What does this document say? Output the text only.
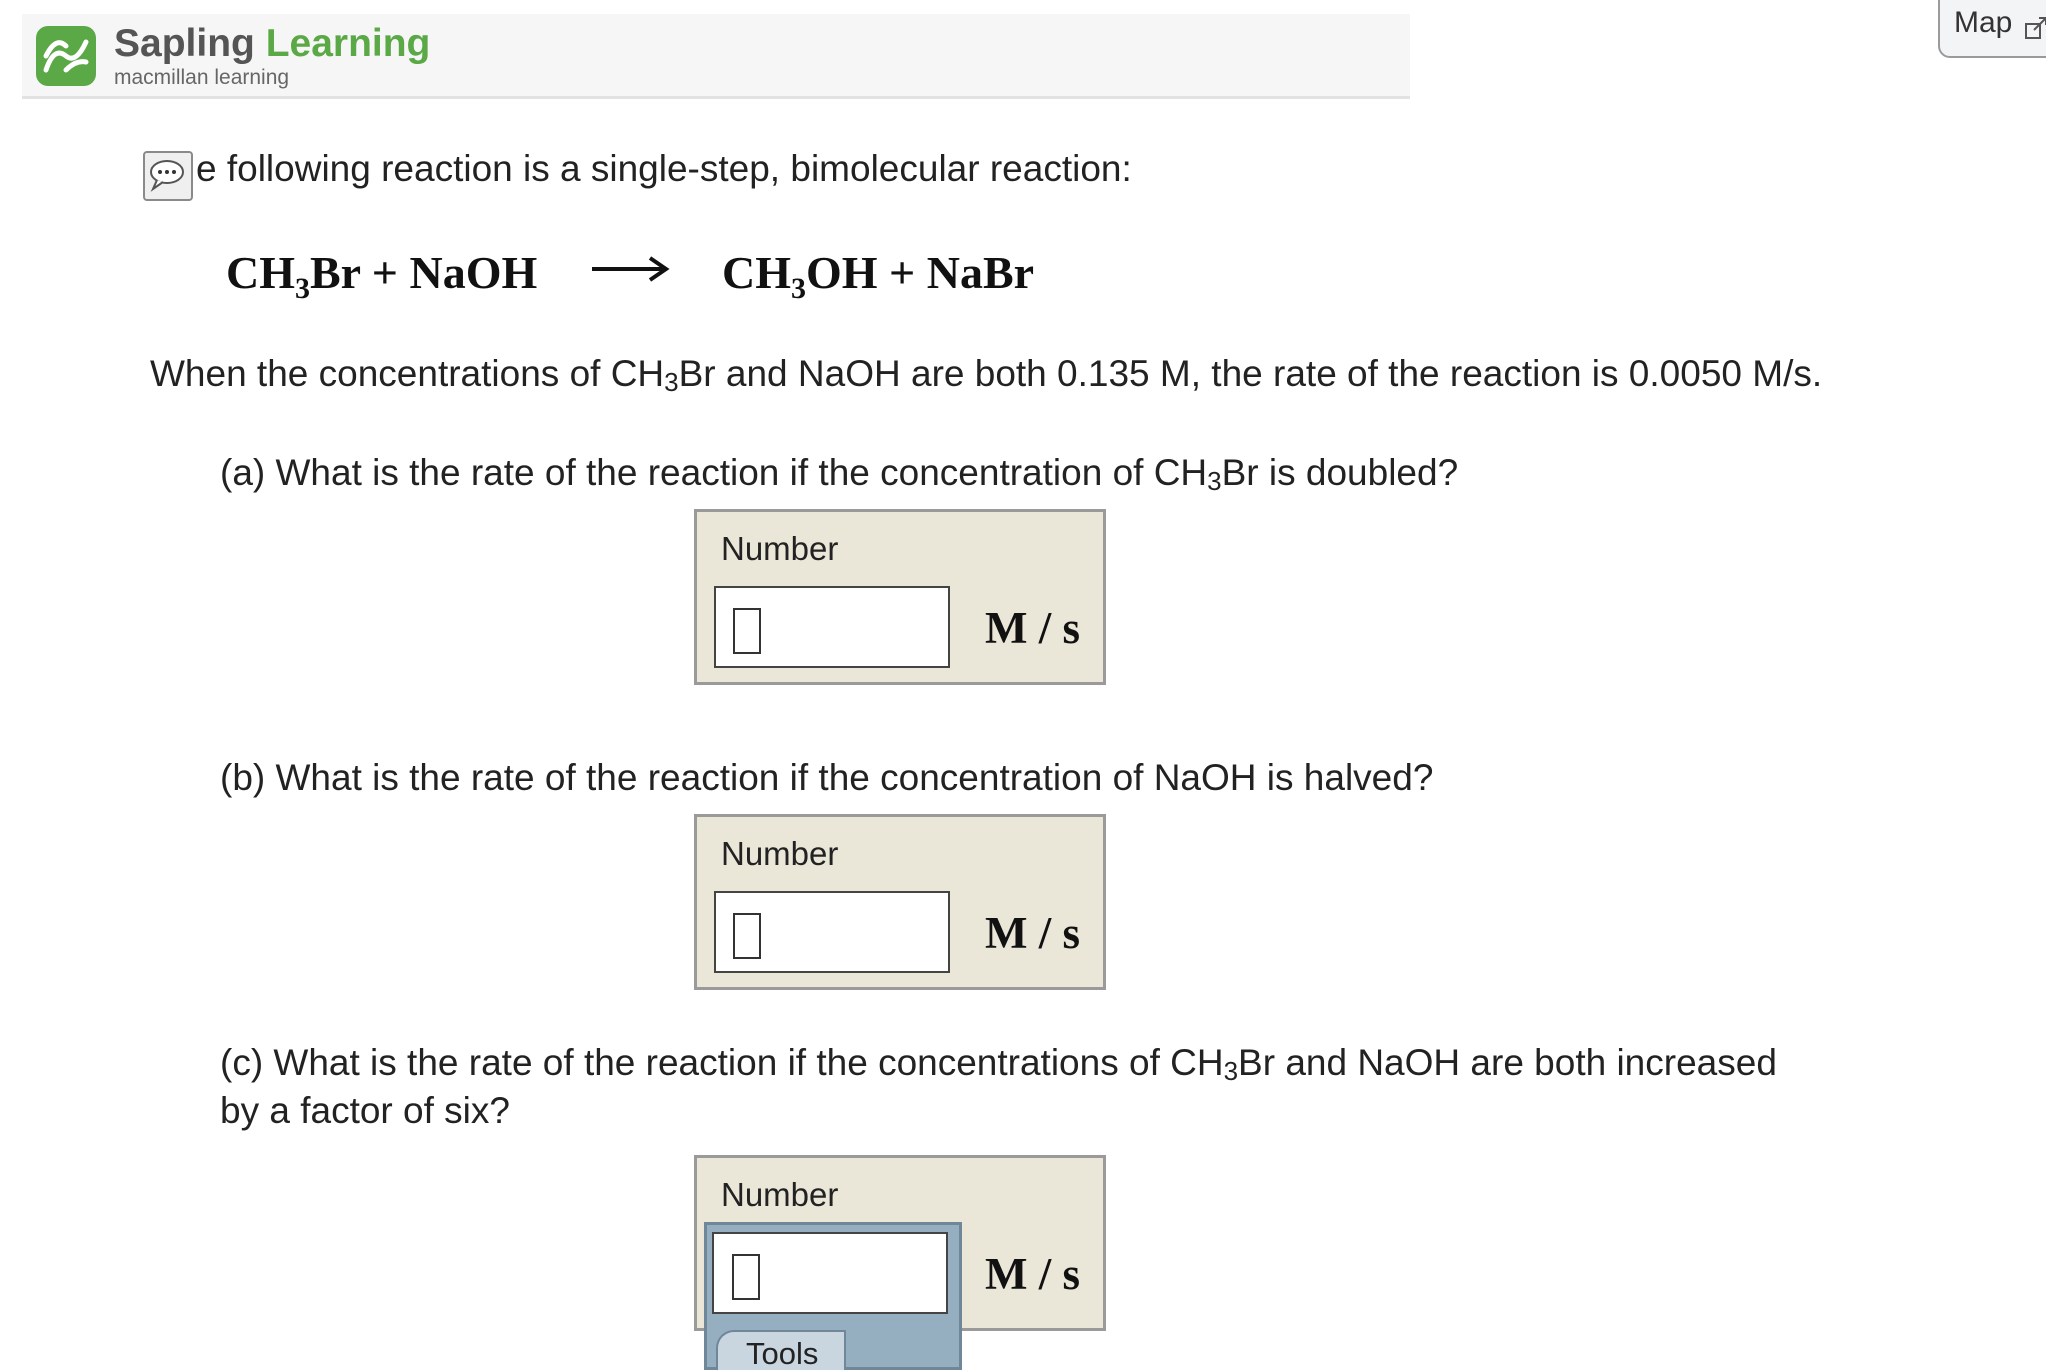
Sapling Learning
macmillan learning
Map
e following reaction is a single-step, bimolecular reaction:
$CH_3Br$ + NaOH	$CH_3OH$ + NaBr
When the concentrations of $CH_3Br$ and NaOH are both 0.135 M, the rate of the reaction is 0.0050 M/s.
(a) What is the rate of the reaction if the concentration of $CH_3Br$ is doubled?
Number
M / s
(b) What is the rate of the reaction if the concentration of NaOH is halved?
Number
M / s
(c) What is the rate of the reaction if the concentrations of $CH_3Br$ and NaOH are both increased
by a factor of six?
Number
M / s
Tools
